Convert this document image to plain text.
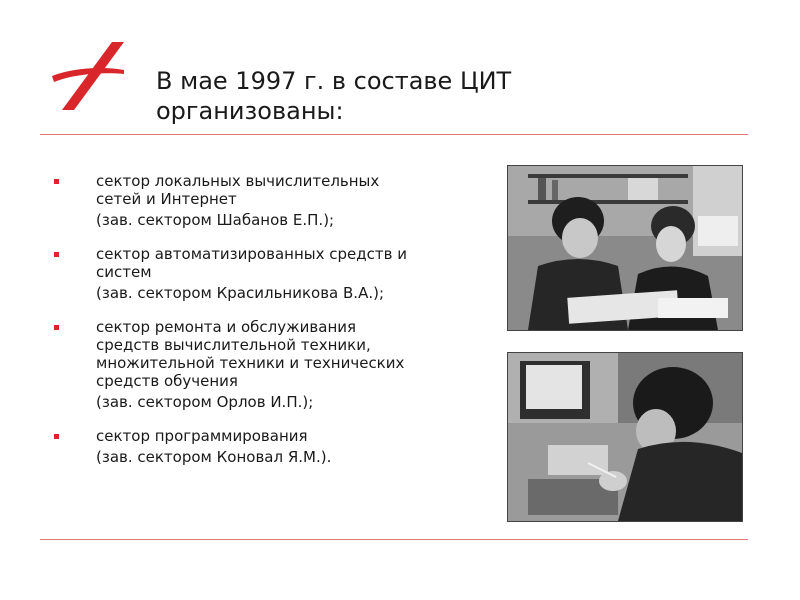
В мае 1997 г. в составе ЦИТ
организованы:
сектор локальных вычислительных
сетей и Интернет
(зав. сектором Шабанов Е.П.);
сектор автоматизированных средств и
систем
(зав. сектором Красильникова В.А.);
сектор ремонта и обслуживания
средств вычислительной техники,
множительной техники и технических
средств обучения
(зав. сектором Орлов И.П.);
сектор программирования
(зав. сектором Коновал Я.М.).
